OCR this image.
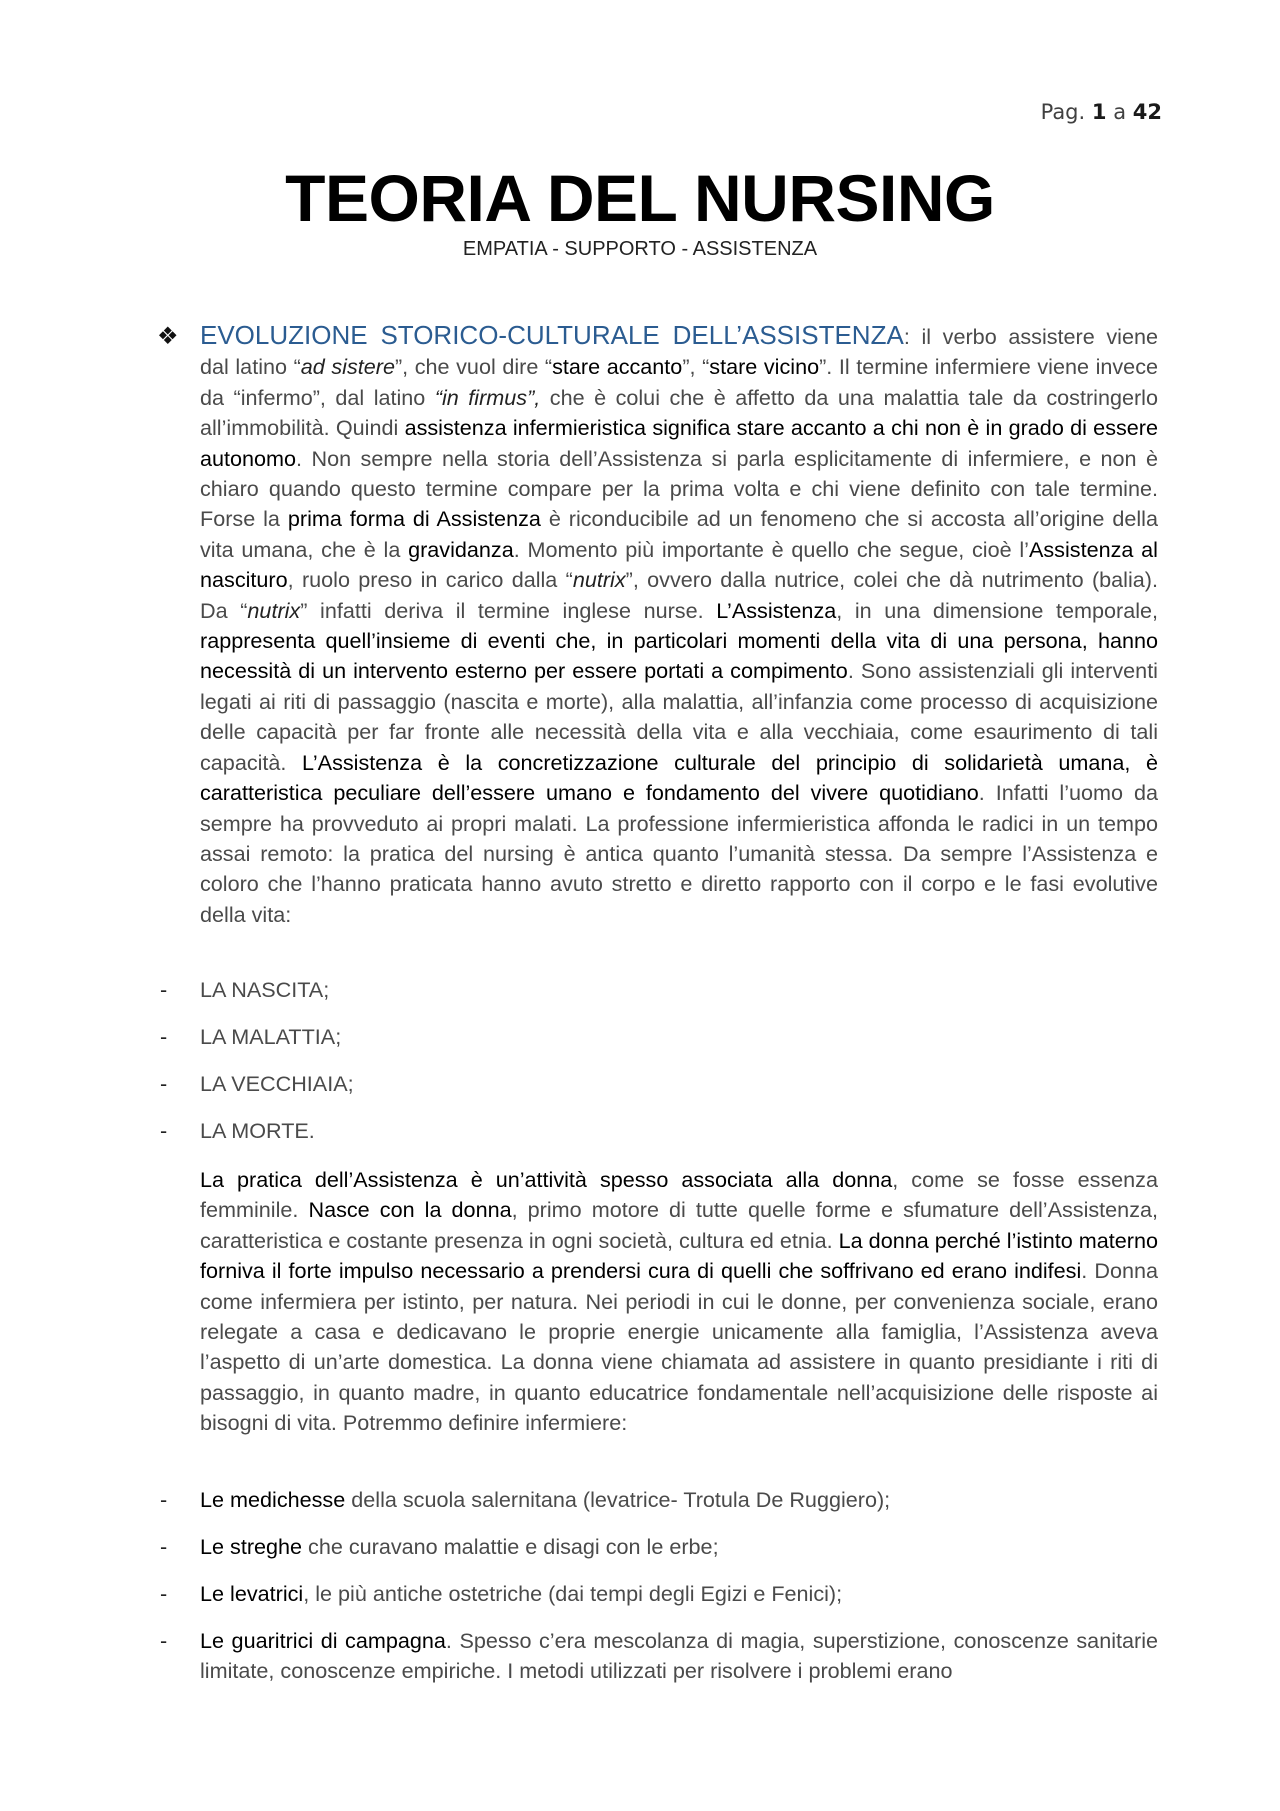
Pag. 1 a 42
TEORIA DEL NURSING
EMPATIA - SUPPORTO - ASSISTENZA
❖ EVOLUZIONE STORICO-CULTURALE DELL’ASSISTENZA: il verbo assistere viene dal latino “ad sistere”, che vuol dire “stare accanto”, “stare vicino”. Il termine infermiere viene invece da “infermo”, dal latino “in firmus”, che è colui che è affetto da una malattia tale da costringerlo all’immobilità. Quindi assistenza infermieristica significa stare accanto a chi non è in grado di essere autonomo. Non sempre nella storia dell’Assistenza si parla esplicitamente di infermiere, e non è chiaro quando questo termine compare per la prima volta e chi viene definito con tale termine. Forse la prima forma di Assistenza è riconducibile ad un fenomeno che si accosta all’origine della vita umana, che è la gravidanza. Momento più importante è quello che segue, cioè l’Assistenza al nascituro, ruolo preso in carico dalla “nutrix”, ovvero dalla nutrice, colei che dà nutrimento (balia). Da “nutrix” infatti deriva il termine inglese nurse. L’Assistenza, in una dimensione temporale, rappresenta quell’insieme di eventi che, in particolari momenti della vita di una persona, hanno necessità di un intervento esterno per essere portati a compimento. Sono assistenziali gli interventi legati ai riti di passaggio (nascita e morte), alla malattia, all’infanzia come processo di acquisizione delle capacità per far fronte alle necessità della vita e alla vecchiaia, come esaurimento di tali capacità. L’Assistenza è la concretizzazione culturale del principio di solidarietà umana, è caratteristica peculiare dell’essere umano e fondamento del vivere quotidiano. Infatti l’uomo da sempre ha provveduto ai propri malati. La professione infermieristica affonda le radici in un tempo assai remoto: la pratica del nursing è antica quanto l’umanità stessa. Da sempre l’Assistenza e coloro che l’hanno praticata hanno avuto stretto e diretto rapporto con il corpo e le fasi evolutive della vita:
- LA NASCITA;
- LA MALATTIA;
- LA VECCHIAIA;
- LA MORTE.
La pratica dell’Assistenza è un’attività spesso associata alla donna, come se fosse essenza femminile. Nasce con la donna, primo motore di tutte quelle forme e sfumature dell’Assistenza, caratteristica e costante presenza in ogni società, cultura ed etnia. La donna perché l’istinto materno forniva il forte impulso necessario a prendersi cura di quelli che soffrivano ed erano indifesi. Donna come infermiera per istinto, per natura. Nei periodi in cui le donne, per convenienza sociale, erano relegate a casa e dedicavano le proprie energie unicamente alla famiglia, l’Assistenza aveva l’aspetto di un’arte domestica. La donna viene chiamata ad assistere in quanto presidiante i riti di passaggio, in quanto madre, in quanto educatrice fondamentale nell’acquisizione delle risposte ai bisogni di vita. Potremmo definire infermiere:
- Le medichesse della scuola salernitana (levatrice- Trotula De Ruggiero);
- Le streghe che curavano malattie e disagi con le erbe;
- Le levatrici, le più antiche ostetriche (dai tempi degli Egizi e Fenici);
- Le guaritrici di campagna. Spesso c’era mescolanza di magia, superstizione, conoscenze sanitarie limitate, conoscenze empiriche. I metodi utilizzati per risolvere i problemi erano
